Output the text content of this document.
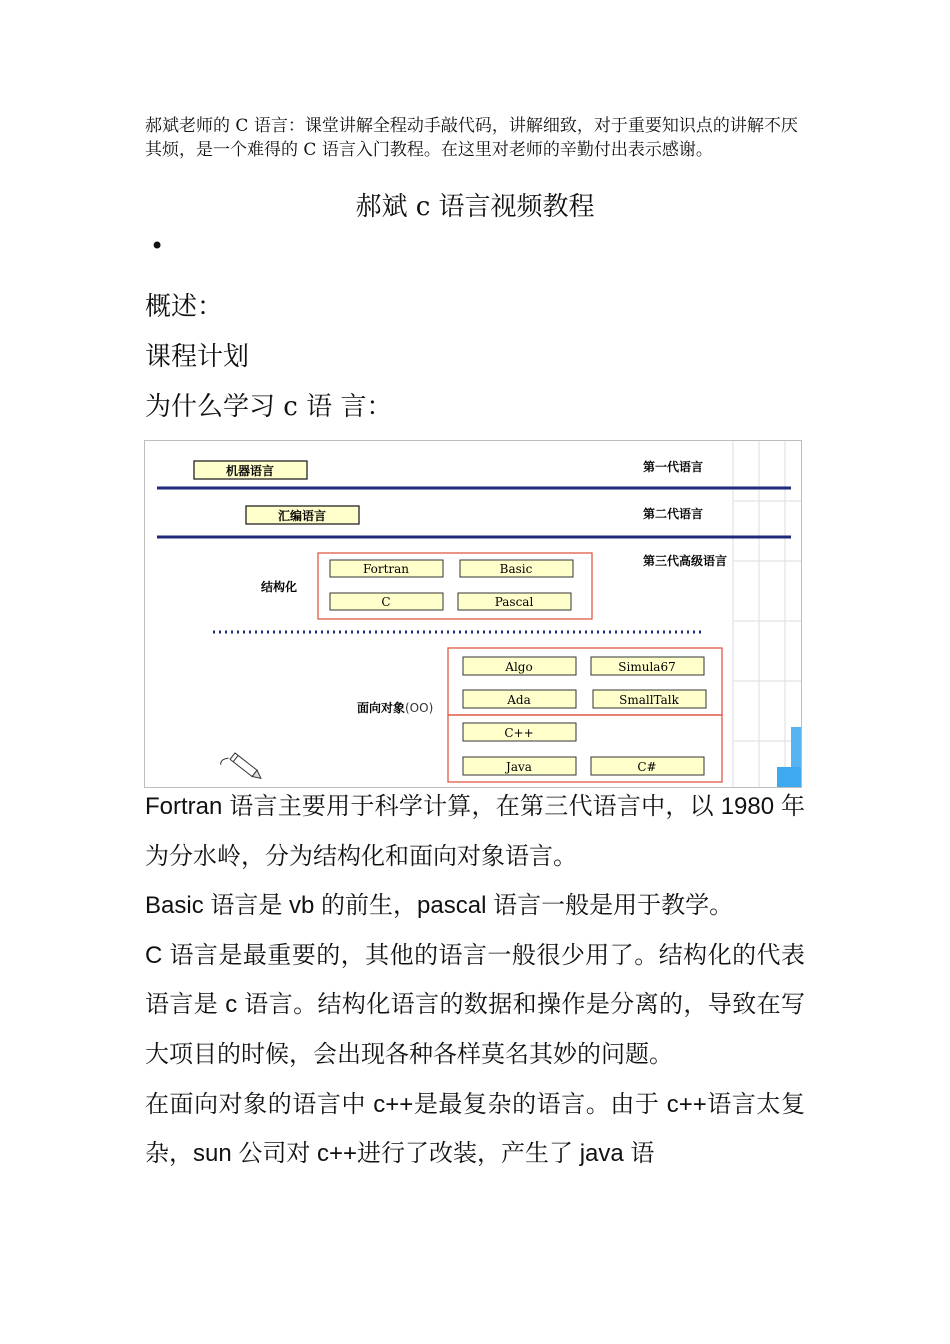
郝斌老师的 C 语言：课堂讲解全程动手敲代码，讲解细致，对于重要知识点的讲解不厌其烦，是一个难得的 C 语言入门教程。在这里对老师的辛勤付出表示感谢。
郝斌 c 语言视频教程
•
概述：
课程计划
为什么学习 c 语 言：
机器语言	第一代语言
汇编语言	第二代语言
第三代高级语言
结构化
Fortran	Basic
C	Pascal
面向对象 (OO)
Algo	Simula67
Ada	SmallTalk
C++
Java	C#

Fortran 语言主要用于科学计算，在第三代语言中，以 1980 年为分水岭，分为结构化和面向对象语言。

Basic 语言是 vb 的前生，pascal 语言一般是用于教学。

C 语言是最重要的，其他的语言一般很少用了。结构化的代表语言是 c 语言。结构化语言的数据和操作是分离的，导致在写大项目的时候，会出现各种各样莫名其妙的问题。

在面向对象的语言中 c++是最复杂的语言。由于 c++语言太复杂，sun 公司对 c++进行了改装，产生了 java 语
